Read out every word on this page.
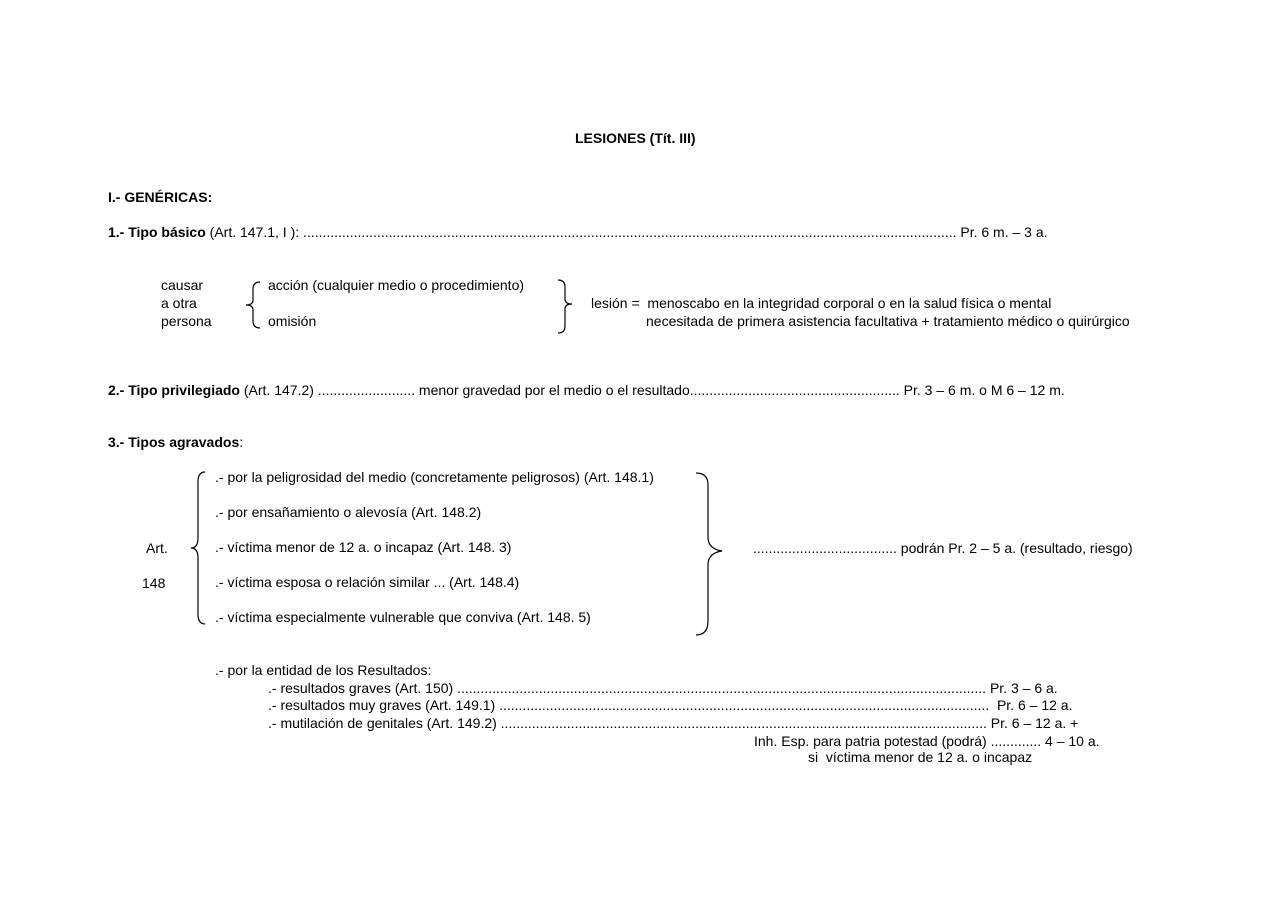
LESIONES (Tít. III)
I.- GENÉRICAS:
1.- Tipo básico (Art. 147.1, I ): ........................................................................................................................................................................ Pr. 6 m. – 3 a.
causar
a otra
persona
acción (cualquier medio o procedimiento)
omisión
lesión =  menoscabo en la integridad corporal o en la salud física o mental
necesitada de primera asistencia facultativa + tratamiento médico o quirúrgico
2.- Tipo privilegiado (Art. 147.2) ......................... menor gravedad por el medio o el resultado...................................................... Pr. 3 – 6 m. o M 6 – 12 m.
3.- Tipos agravados:
Art.
148
.- por la peligrosidad del medio (concretamente peligrosos) (Art. 148.1)
.- por ensañamiento o alevosía (Art. 148.2)
.- víctima menor de 12 a. o incapaz (Art. 148. 3)
.- víctima esposa o relación similar ... (Art. 148.4)
.- víctima especialmente vulnerable que conviva (Art. 148. 5)
..................................... podrán Pr. 2 – 5 a. (resultado, riesgo)
.- por la entidad de los Resultados:
.- resultados graves (Art. 150) ........................................................................................................................................ Pr. 3 – 6 a.
.- resultados muy graves (Art. 149.1) ..............................................................................................................................  Pr. 6 – 12 a.
.- mutilación de genitales (Art. 149.2) ............................................................................................................................. Pr. 6 – 12 a. +
Inh. Esp. para patria potestad (podrá) ............. 4 – 10 a.
si  víctima menor de 12 a. o incapaz
